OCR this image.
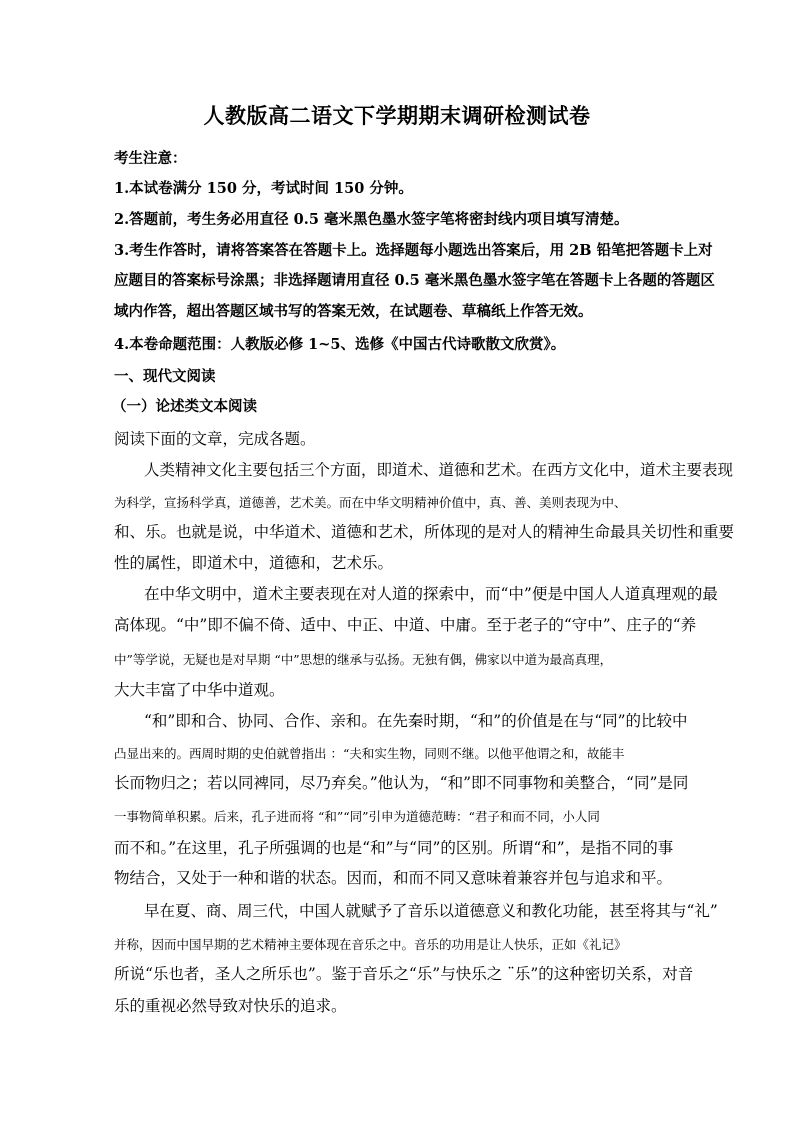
人教版高二语文下学期期末调研检测试卷
考生注意：
1.本试卷满分 150 分，考试时间 150 分钟。
2.答题前，考生务必用直径 0.5 毫米黑色墨水签字笔将密封线内项目填写清楚。
3.考生作答时，请将答案答在答题卡上。选择题每小题选出答案后，用 2B 铅笔把答题卡上对
应题目的答案标号涂黑；非选择题请用直径 0.5 毫米黑色墨水签字笔在答题卡上各题的答题区
域内作答，超出答题区域书写的答案无效，在试题卷、草稿纸上作答无效。
4.本卷命题范围：人教版必修 1~5、选修《中国古代诗歌散文欣赏》。
一、现代文阅读
（一）论述类文本阅读
阅读下面的文章，完成各题。
人类精神文化主要包括三个方面，即道术、道德和艺术。在西方文化中，道术主要表现
为科学，宣扬科学真，道德善，艺术美。而在中华文明精神价值中，真、善、美则表现为中、
和、乐。也就是说，中华道术、道德和艺术，所体现的是对人的精神生命最具关切性和重要
性的属性，即道术中，道德和，艺术乐。
在中华文明中，道术主要表现在对人道的探索中，而“中”便是中国人人道真理观的最
高体现。“中”即不偏不倚、适中、中正、中道、中庸。至于老子的“守中”、庄子的“养
中”等学说，无疑也是对早期 “中”思想的继承与弘扬。无独有偶，佛家以中道为最高真理，
大大丰富了中华中道观。
“和”即和合、协同、合作、亲和。在先秦时期，“和”的价值是在与“同”的比较中
凸显出来的。西周时期的史伯就曾指出 ：“夫和实生物，同则不继。以他平他谓之和，故能丰
长而物归之；若以同裨同，尽乃弃矣。”他认为，“和”即不同事物和美整合，“同”是同
一事物简单积累。后来，孔子进而将 “和”“同”引申为道德范畴：“君子和而不同，小人同
而不和。”在这里，孔子所强调的也是“和”与“同”的区别。所谓“和”，是指不同的事
物结合，又处于一种和谐的状态。因而，和而不同又意味着兼容并包与追求和平。
早在夏、商、周三代，中国人就赋予了音乐以道德意义和教化功能，甚至将其与“礼”
并称，因而中国早期的艺术精神主要体现在音乐之中。音乐的功用是让人快乐，正如《礼记》
所说“乐也者，圣人之所乐也”。鉴于音乐之“乐”与快乐之 ¨乐”的这种密切关系，对音
乐的重视必然导致对快乐的追求。
